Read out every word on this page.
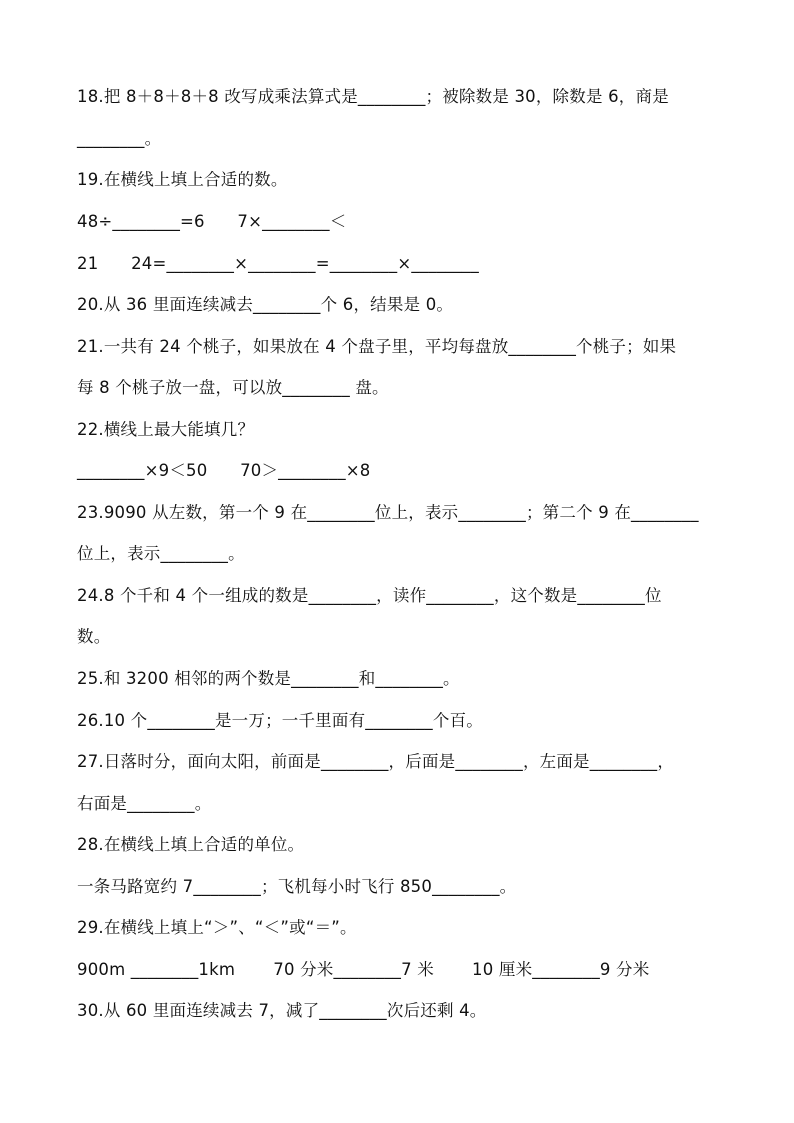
18.把 8＋8＋8＋8 改写成乘法算式是________；被除数是 30，除数是 6，商是
________。
19.在横线上填上合适的数。
48÷________=6      7×________＜
21      24=________×________=________×________
20.从 36 里面连续减去________个 6，结果是 0。
21.一共有 24 个桃子，如果放在 4 个盘子里，平均每盘放________个桃子；如果
每 8 个桃子放一盘，可以放________ 盘。
22.横线上最大能填几？
________×9＜50      70＞________×8
23.9090 从左数，第一个 9 在________位上，表示________；第二个 9 在________
位上，表示________。
24.8 个千和 4 个一组成的数是________，读作________，这个数是________位
数。
25.和 3200 相邻的两个数是________和________。
26.10 个________是一万；一千里面有________个百。
27.日落时分，面向太阳，前面是________，后面是________，左面是________，
右面是________。
28.在横线上填上合适的单位。
一条马路宽约 7________；飞机每小时飞行 850________。
29.在横线上填上“＞”、“＜”或“＝”。
900m ________1km       70 分米________7 米       10 厘米________9 分米
30.从 60 里面连续减去 7，减了________次后还剩 4。
